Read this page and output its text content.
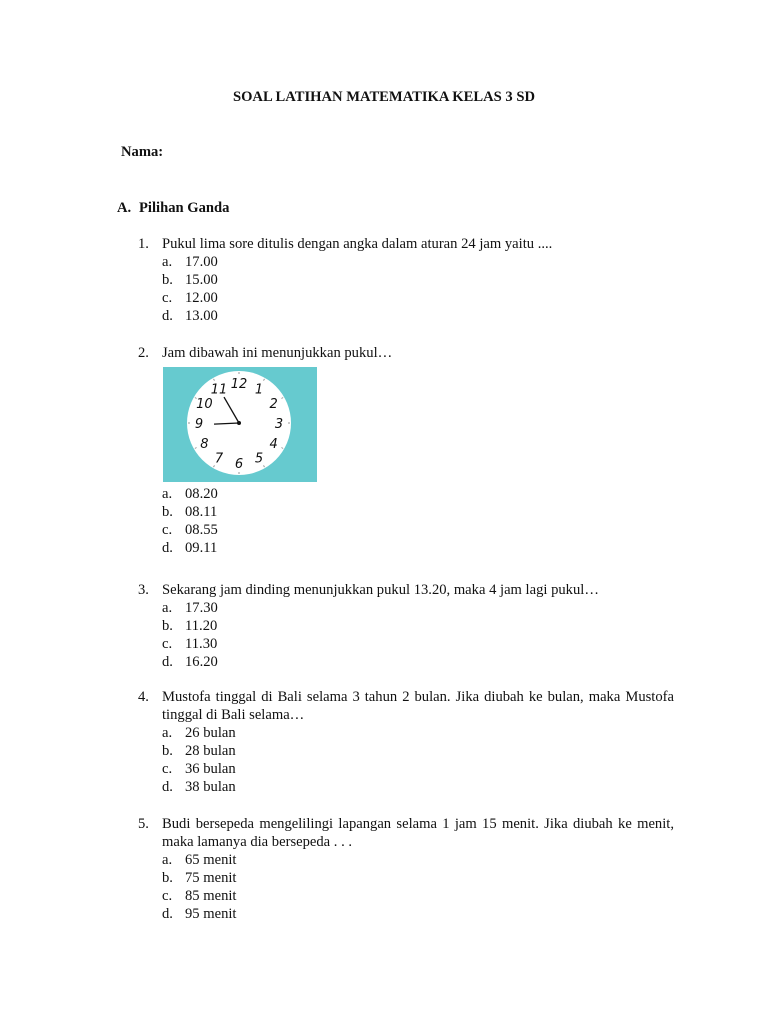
SOAL LATIHAN MATEMATIKA KELAS 3 SD
Nama:
A. Pilihan Ganda
1. Pukul lima sore ditulis dengan angka dalam aturan 24 jam yaitu ....
a. 17.00
b. 15.00
c. 12.00
d. 13.00
2. Jam dibawah ini menunjukkan pukul…
12 1
2
3
4
5
6
7
8
9
10
11
a. 08.20
b. 08.11
c. 08.55
d. 09.11
3. Sekarang jam dinding menunjukkan pukul 13.20, maka 4 jam lagi pukul…
a. 17.30
b. 11.20
c. 11.30
d. 16.20
4. Mustofa tinggal di Bali selama 3 tahun 2 bulan. Jika diubah ke bulan, maka Mustofa tinggal di Bali selama…
a. 26 bulan
b. 28 bulan
c. 36 bulan
d. 38 bulan
5. Budi bersepeda mengelilingi lapangan selama 1 jam 15 menit. Jika diubah ke menit, maka lamanya dia bersepeda . . .
a. 65 menit
b. 75 menit
c. 85 menit
d. 95 menit
